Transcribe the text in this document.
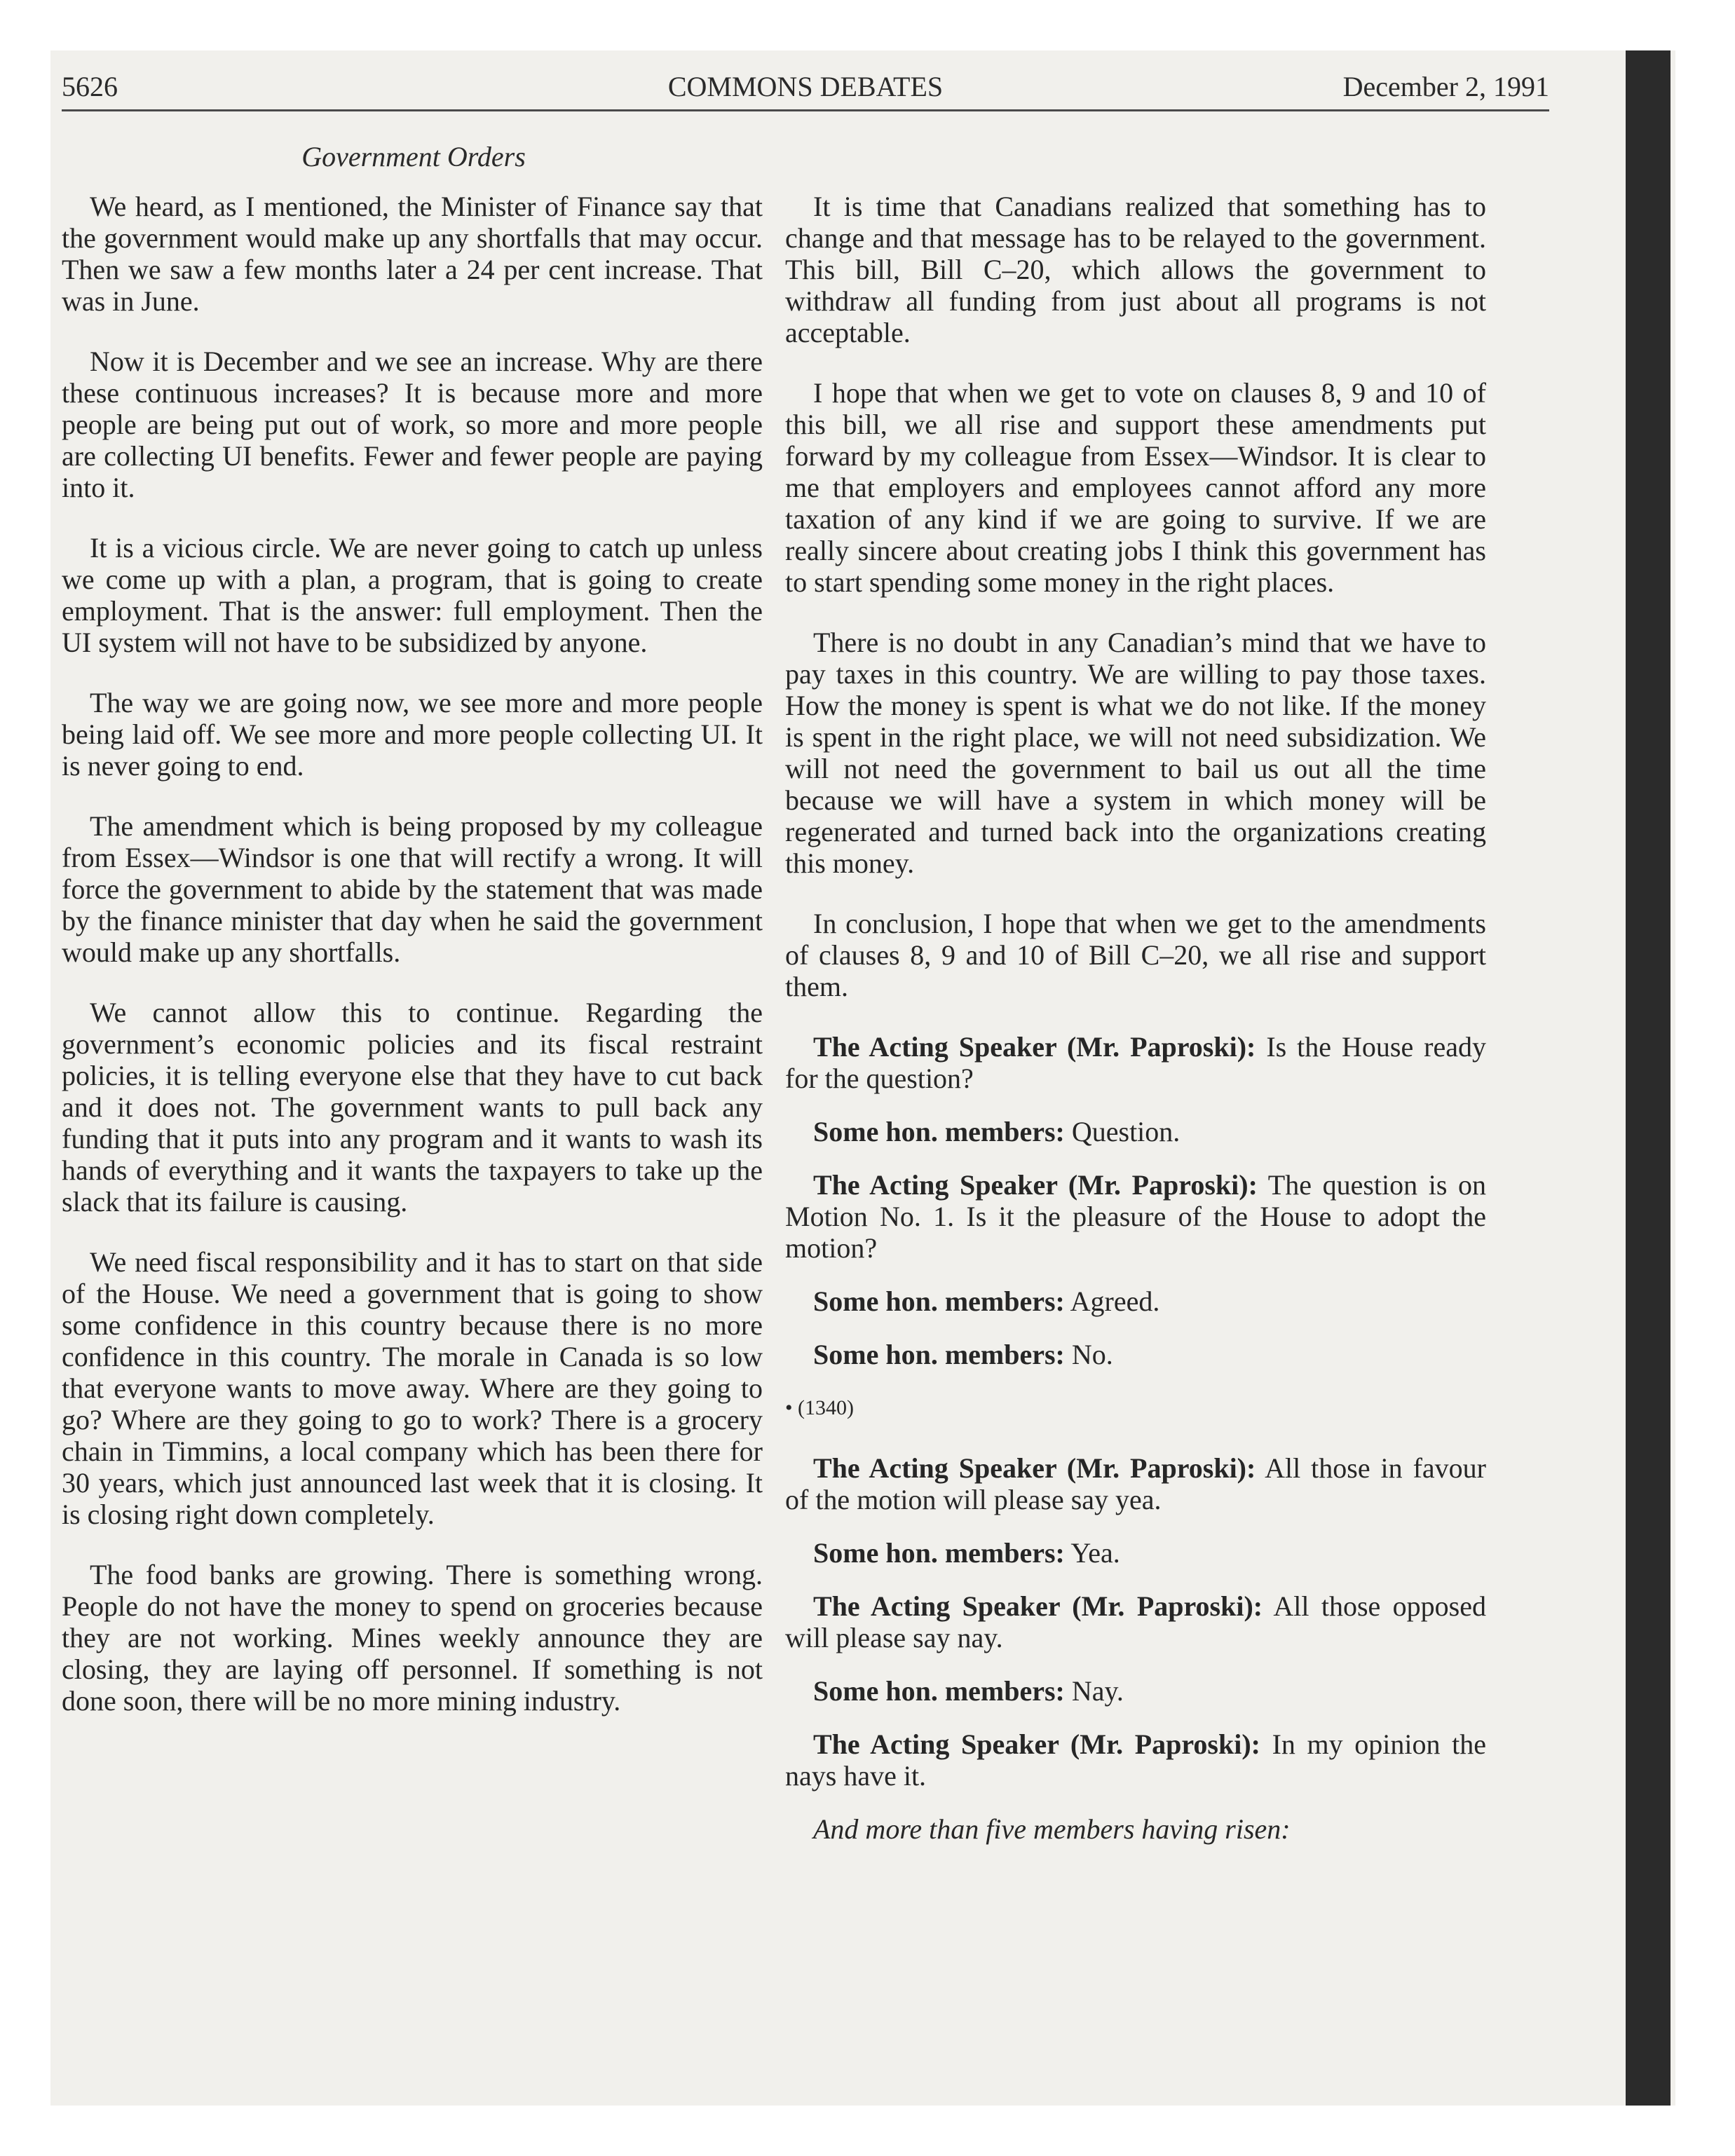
5626	COMMONS DEBATES	December 2, 1991
Government Orders

We heard, as I mentioned, the Minister of Finance say that the government would make up any shortfalls that may occur. Then we saw a few months later a 24 per cent increase. That was in June.

Now it is December and we see an increase. Why are there these continuous increases? It is because more and more people are being put out of work, so more and more people are collecting UI benefits. Fewer and fewer people are paying into it.

It is a vicious circle. We are never going to catch up unless we come up with a plan, a program, that is going to create employment. That is the answer: full employment. Then the UI system will not have to be subsidized by anyone.

The way we are going now, we see more and more people being laid off. We see more and more people collecting UI. It is never going to end.

The amendment which is being proposed by my colleague from Essex—Windsor is one that will rectify a wrong. It will force the government to abide by the statement that was made by the finance minister that day when he said the government would make up any shortfalls.

We cannot allow this to continue. Regarding the government’s economic policies and its fiscal restraint policies, it is telling everyone else that they have to cut back and it does not. The government wants to pull back any funding that it puts into any program and it wants to wash its hands of everything and it wants the taxpayers to take up the slack that its failure is causing.

We need fiscal responsibility and it has to start on that side of the House. We need a government that is going to show some confidence in this country because there is no more confidence in this country. The morale in Canada is so low that everyone wants to move away. Where are they going to go? Where are they going to go to work? There is a grocery chain in Timmins, a local company which has been there for 30 years, which just announced last week that it is closing. It is closing right down completely.

The food banks are growing. There is something wrong. People do not have the money to spend on groceries because they are not working. Mines weekly announce they are closing, they are laying off personnel. If something is not done soon, there will be no more mining industry.

It is time that Canadians realized that something has to change and that message has to be relayed to the government. This bill, Bill C–20, which allows the government to withdraw all funding from just about all programs is not acceptable.

I hope that when we get to vote on clauses 8, 9 and 10 of this bill, we all rise and support these amendments put forward by my colleague from Essex—Windsor. It is clear to me that employers and employees cannot afford any more taxation of any kind if we are going to survive. If we are really sincere about creating jobs I think this government has to start spending some money in the right places.

There is no doubt in any Canadian’s mind that we have to pay taxes in this country. We are willing to pay those taxes. How the money is spent is what we do not like. If the money is spent in the right place, we will not need subsidization. We will not need the government to bail us out all the time because we will have a system in which money will be regenerated and turned back into the organizations creating this money.

In conclusion, I hope that when we get to the amendments of clauses 8, 9 and 10 of Bill C–20, we all rise and support them.

The Acting Speaker (Mr. Paproski): Is the House ready for the question?

Some hon. members: Question.

The Acting Speaker (Mr. Paproski): The question is on Motion No. 1. Is it the pleasure of the House to adopt the motion?

Some hon. members: Agreed.

Some hon. members: No.

• (1340)

The Acting Speaker (Mr. Paproski): All those in favour of the motion will please say yea.

Some hon. members: Yea.

The Acting Speaker (Mr. Paproski): All those opposed will please say nay.

Some hon. members: Nay.

The Acting Speaker (Mr. Paproski): In my opinion the nays have it.

And more than five members having risen:
